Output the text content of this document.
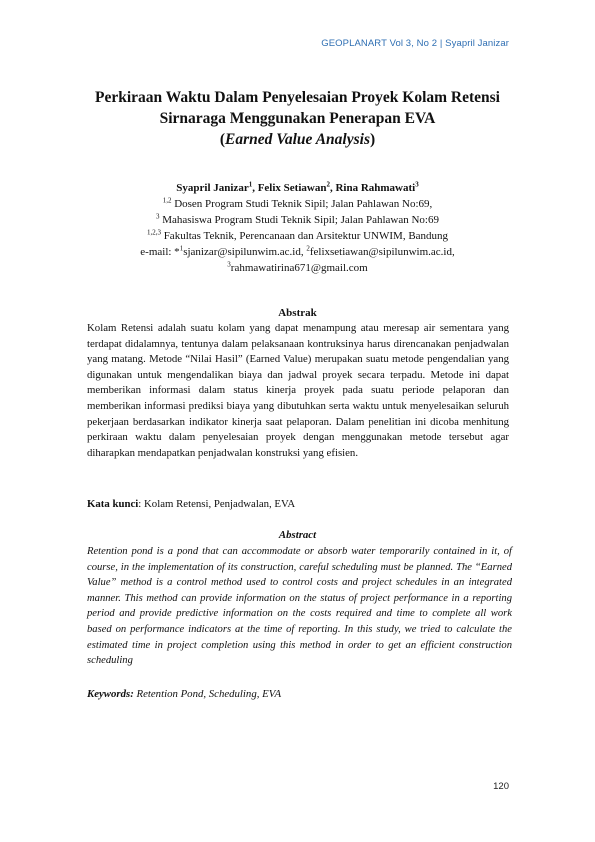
GEOPLANART Vol 3, No 2 | Syapril Janizar
Perkiraan Waktu Dalam Penyelesaian Proyek Kolam Retensi
Sirnaraga Menggunakan Penerapan EVA
(Earned Value Analysis)
Syapril Janizar$^1$, Felix Setiawan$^2$, Rina Rahmawati$^3$
$^{1,2}$ Dosen Program Studi Teknik Sipil; Jalan Pahlawan No:69,
$^3$ Mahasiswa Program Studi Teknik Sipil; Jalan Pahlawan No:69
$^{1,2,3}$ Fakultas Teknik, Perencanaan dan Arsitektur UNWIM, Bandung
e-mail: *$^1$sjanizar@sipilunwim.ac.id, $^2$felixsetiawan@sipilunwim.ac.id,
$^3$rahmawatirina671@gmail.com
Abstrak
Kolam Retensi adalah suatu kolam yang dapat menampung atau meresap air sementara yang terdapat didalamnya, tentunya dalam pelaksanaan kontruksinya harus direncanakan penjadwalan yang matang. Metode “Nilai Hasil” (Earned Value) merupakan suatu metode pengendalian yang digunakan untuk mengendalikan biaya dan jadwal proyek secara terpadu. Metode ini dapat memberikan informasi dalam status kinerja proyek pada suatu periode pelaporan dan memberikan informasi prediksi biaya yang dibutuhkan serta waktu untuk menyelesaikan seluruh pekerjaan berdasarkan indikator kinerja saat pelaporan. Dalam penelitian ini dicoba menhitung perkiraan waktu dalam penyelesaian proyek dengan menggunakan metode tersebut agar diharapkan mendapatkan penjadwalan konstruksi yang efisien.
Kata kunci: Kolam Retensi, Penjadwalan, EVA
Abstract
Retention pond is a pond that can accommodate or absorb water temporarily contained in it, of course, in the implementation of its construction, careful scheduling must be planned. The “Earned Value” method is a control method used to control costs and project schedules in an integrated manner. This method can provide information on the status of project performance in a reporting period and provide predictive information on the costs required and time to complete all work based on performance indicators at the time of reporting. In this study, we tried to calculate the estimated time in project completion using this method in order to get an efficient construction scheduling
Keywords: Retention Pond, Scheduling, EVA
120
